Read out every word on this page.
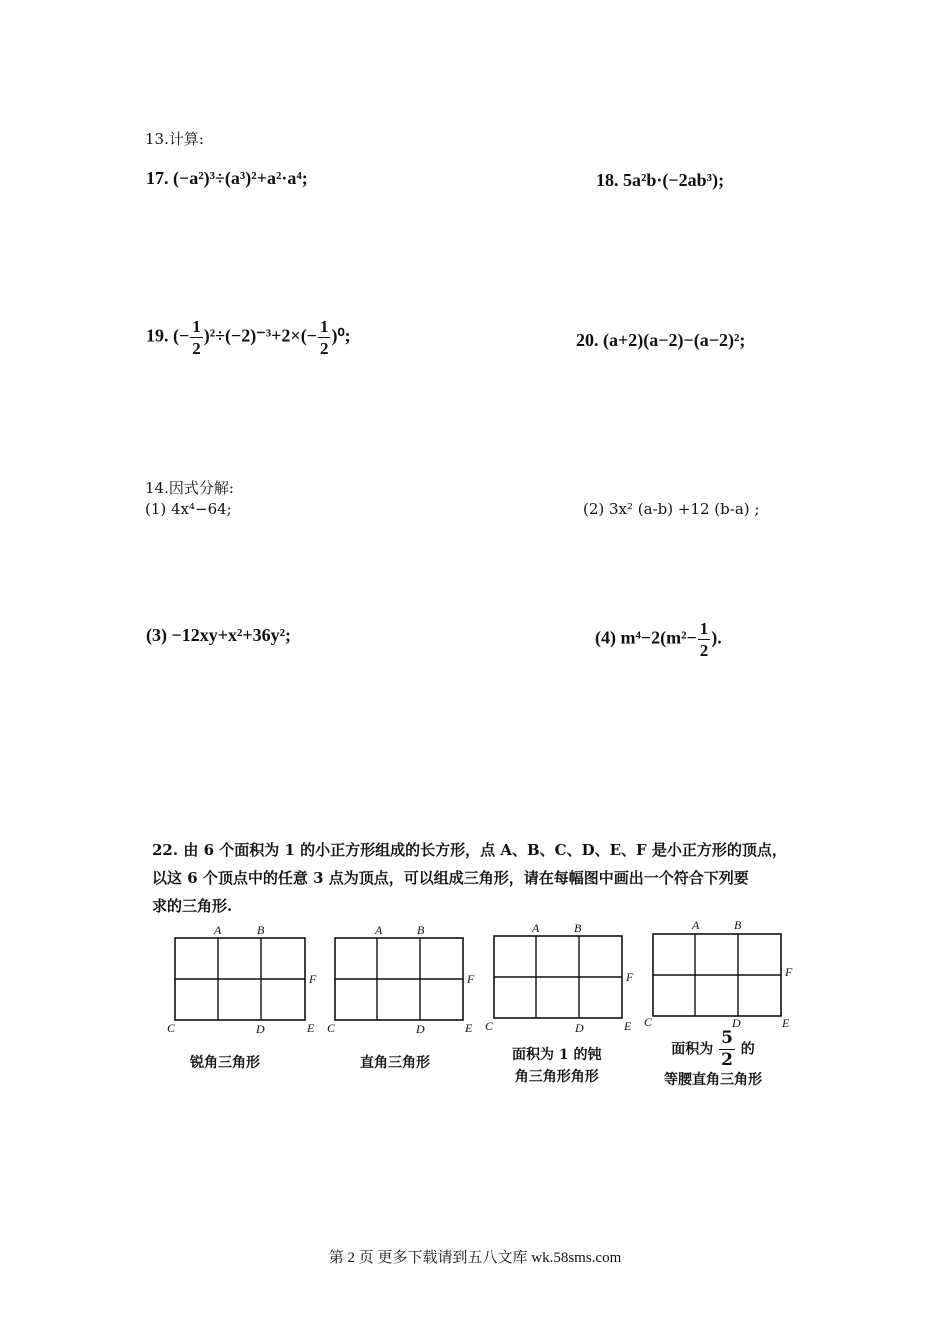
13.计算:
17. (−a²)³÷(a³)²+a²·a⁴;	18. 5a²b·(−2ab³);
19. (− $\frac{1}{2} )^2\div(-2)^{-3}+2\times(- \frac{1}{2} )^0$;	20. (a+2)(a−2)−(a−2)²;
14.因式分解:
(1) 4x⁴−64;	(2) 3x² (a-b) +12 (b-a) ;
(3) −12xy+x²+36y²;	(4) $m^4-2(m^2- \frac{1}{2}$ ).
22. 由 6 个面积为 1 的小正方形组成的长方形，点 A、B、C、D、E、F 是小正方形的顶点，
以这 6 个顶点中的任意 3 点为顶点，可以组成三角形，请在每幅图中画出一个符合下列要
求的三角形.
A	B
F
C	D	E
A	B
F
C	D	E
A	B
F
C	D	E
A	B
F
C	D	E
锐角三角形	直角三角形	面积为 1 的钝
角三角形角形
面积为 $\frac{5}{2}$ 的
等腰直角三角形
第 2 页 更多下载请到五八文库 wk.58sms.com
